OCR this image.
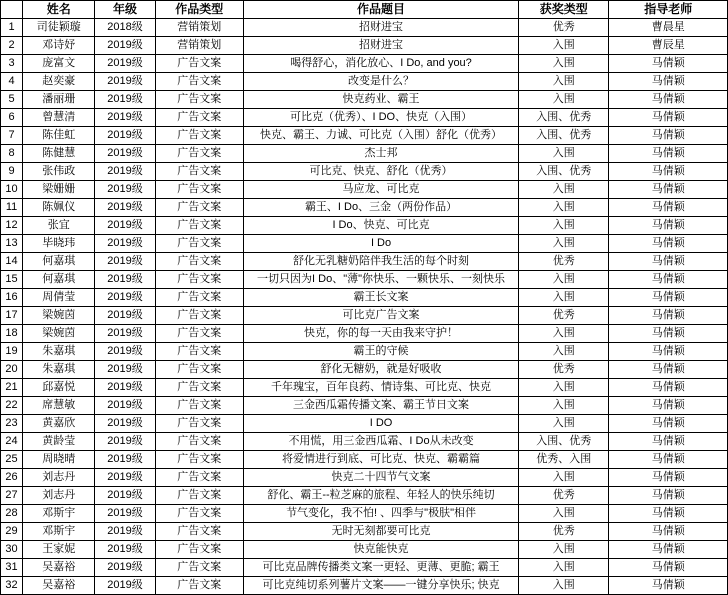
	姓名	年级	作品类型	作品题目	获奖类型	指导老师
1	司徒颖璇	2018级	营销策划	招财进宝	优秀	曹晨星
2	邓诗妤	2019级	营销策划	招财进宝	入围	曹辰星
3	庞富文	2019级	广告文案	喝得舒心，消化放心、I Do, and you?	入围	马倩颖
4	赵奕豪	2019级	广告文案	改变是什么？	入围	马倩颖
5	潘丽珊	2019级	广告文案	快克药业、霸王	入围	马倩颖
6	曾慧清	2019级	广告文案	可比克（优秀）、I DO、快克（入围）	入围、优秀	马倩颖
7	陈佳虹	2019级	广告文案	快克、霸王、力诚、可比克（入围）舒化（优秀）	入围、优秀	马倩颖
8	陈健慧	2019级	广告文案	杰士邦	入围	马倩颖
9	张伟政	2019级	广告文案	可比克、快克、舒化（优秀）	入围、优秀	马倩颖
10	梁姗姗	2019级	广告文案	马应龙、可比克	入围	马倩颖
11	陈姵仪	2019级	广告文案	霸王、I Do、三金（两份作品）	入围	马倩颖
12	张宜	2019级	广告文案	I Do、快克、可比克	入围	马倩颖
13	毕晓玮	2019级	广告文案	I Do	入围	马倩颖
14	何嘉琪	2019级	广告文案	舒化无乳糖奶陪伴我生活的每个时刻	优秀	马倩颖
15	何嘉琪	2019级	广告文案	一切只因为I Do、"薄"你快乐、一颗快乐、一刻快乐	入围	马倩颖
16	周倩莹	2019级	广告文案	霸王长文案	入围	马倩颖
17	梁婉茵	2019级	广告文案	可比克广告文案	优秀	马倩颖
18	梁婉茵	2019级	广告文案	快克，你的每一天由我来守护！	入围	马倩颖
19	朱嘉琪	2019级	广告文案	霸王的守候	入围	马倩颖
20	朱嘉琪	2019级	广告文案	舒化无糖奶，就是好吸收	优秀	马倩颖
21	邱嘉悦	2019级	广告文案	千年瑰宝，百年良药、情诗集、可比克、快克	入围	马倩颖
22	席慧敏	2019级	广告文案	三金西瓜霜传播文案、霸王节日文案	入围	马倩颖
23	黄嘉欣	2019级	广告文案	I DO	入围	马倩颖
24	黄龄莹	2019级	广告文案	不用慌，用三金西瓜霜、I Do从未改变	入围、优秀	马倩颖
25	周晓晴	2019级	广告文案	将爱情进行到底、可比克、快克、霸霸篇	优秀、入围	马倩颖
26	刘志丹	2019级	广告文案	快克二十四节气文案	入围	马倩颖
27	刘志丹	2019级	广告文案	舒化、霸王--粒芝麻的旅程、年轻人的快乐纯切	优秀	马倩颖
28	邓斯宇	2019级	广告文案	节气变化，我不怕! 、四季与"极肤"相伴	入围	马倩颖
29	邓斯宇	2019级	广告文案	无时无刻都要可比克	优秀	马倩颖
30	王家妮	2019级	广告文案	快克能快克	入围	马倩颖
31	吴嘉裕	2019级	广告文案	可比克品牌传播类文案一更轻、更薄、更脆; 霸王	入围	马倩颖
32	吴嘉裕	2019级	广告文案	可比克纯切系列薯片文案——一键分享快乐; 快克	入围	马倩颖
